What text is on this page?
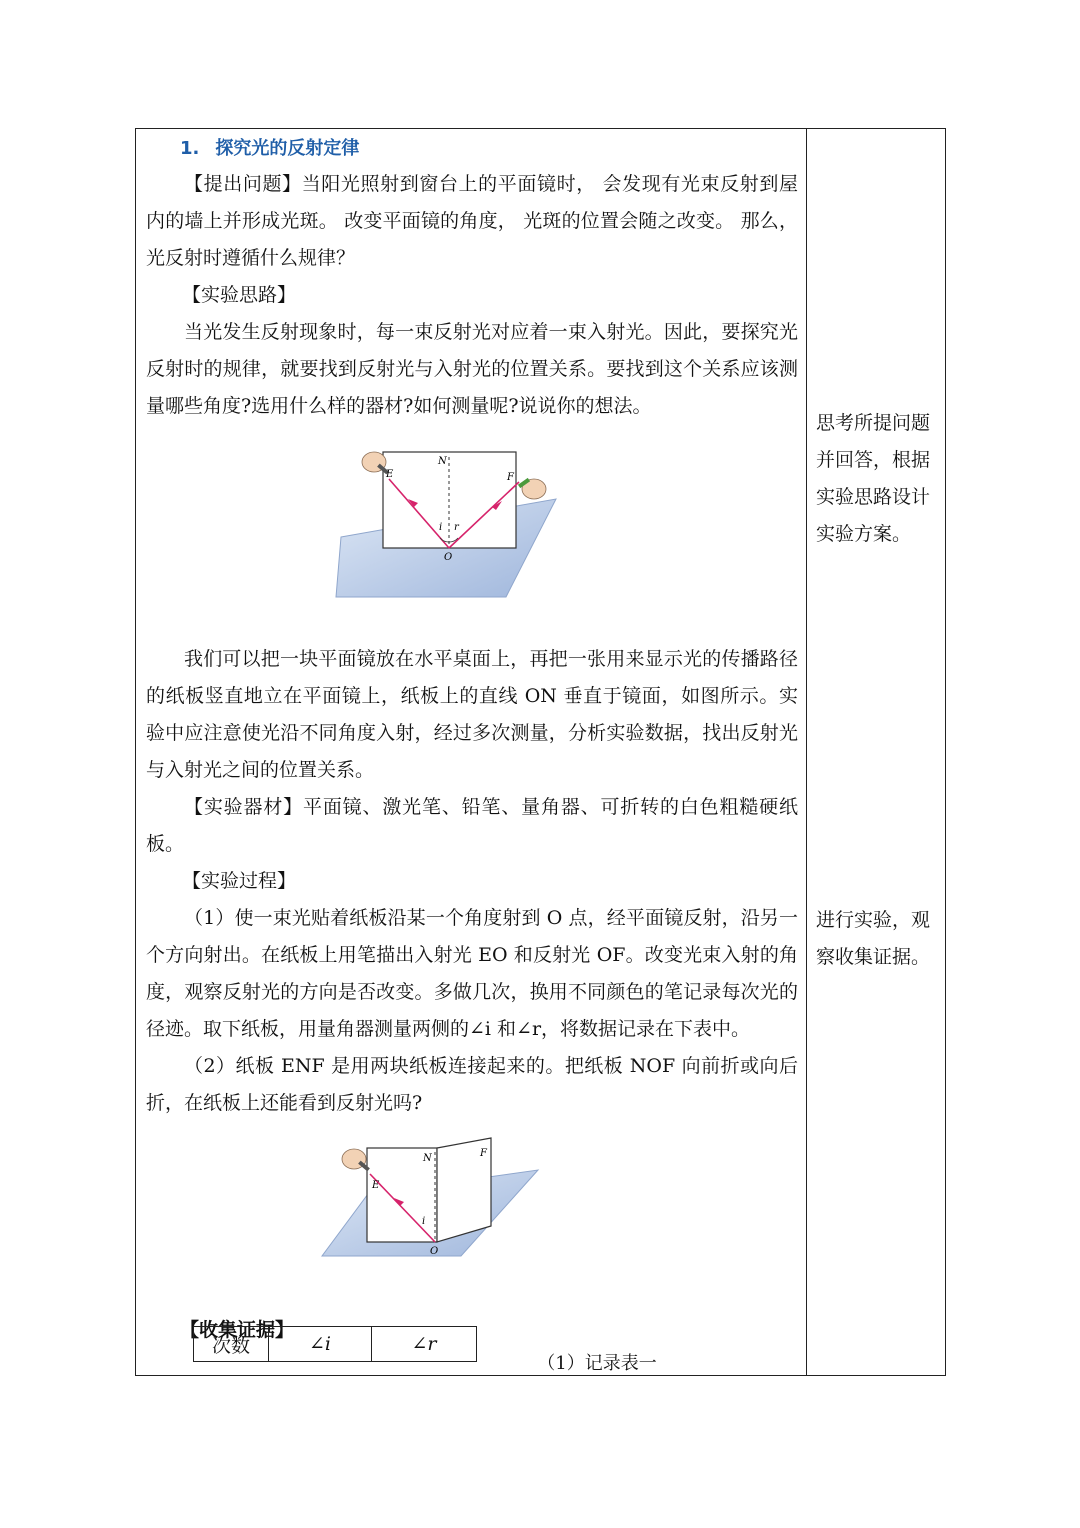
1. 探究光的反射定律

【提出问题】当阳光照射到窗台上的平面镜时， 会发现有光束反射到屋内的墙上并形成光斑。 改变平面镜的角度， 光斑的位置会随之改变。 那么， 光反射时遵循什么规律？

【实验思路】

当光发生反射现象时，每一束反射光对应着一束入射光。因此，要探究光反射时的规律，就要找到反射光与入射光的位置关系。要找到这个关系应该测量哪些角度?选用什么样的器材?如何测量呢?说说你的想法。

E
N
F
i r
O

我们可以把一块平面镜放在水平桌面上，再把一张用来显示光的传播路径的纸板竖直地立在平面镜上，纸板上的直线 ON 垂直于镜面，如图所示。实验中应注意使光沿不同角度入射，经过多次测量，分析实验数据，找出反射光与入射光之间的位置关系。

【实验器材】平面镜、激光笔、铅笔、量角器、可折转的白色粗糙硬纸板。

【实验过程】

（1）使一束光贴着纸板沿某一个角度射到 O 点，经平面镜反射，沿另一个方向射出。在纸板上用笔描出入射光 EO 和反射光 OF。改变光束入射的角度，观察反射光的方向是否改变。多做几次，换用不同颜色的笔记录每次光的径迹。取下纸板，用量角器测量两侧的∠i 和∠r，将数据记录在下表中。

（2）纸板 ENF 是用两块纸板连接起来的。把纸板 NOF 向前折或向后折，在纸板上还能看到反射光吗?

E
N	F
i
O
【收集证据】
（1）记录表一
思考所提问题并回答，根据实验思路设计实验方案。
进行实验，观察收集证据。
次数	∠i	∠r
